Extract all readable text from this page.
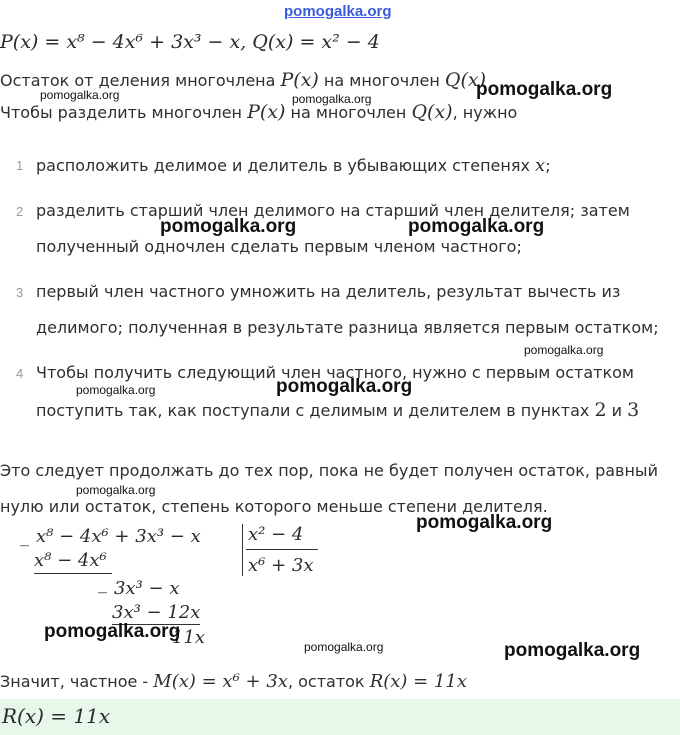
pomogalka.org
P(x) = x⁸ − 4x⁶ + 3x³ − x, Q(x) = x² − 4
Остаток от деления многочлена P(x) на многочлен Q(x)
Чтобы разделить многочлен P(x) на многочлен Q(x), нужно
1 расположить делимое и делитель в убывающих степенях x;
2 разделить старший член делимого на старший член делителя; затем
полученный одночлен сделать первым членом частного;
3 первый член частного умножить на делитель, результат вычесть из
делимого; полученная в результате разница является первым остатком;
4 Чтобы получить следующий член частного, нужно с первым остатком
поступить так, как поступали с делимым и делителем в пунктах 2 и 3
Это следует продолжать до тех пор, пока не будет получен остаток, равный
нулю или остаток, степень которого меньше степени делителя.
_ x⁸ − 4x⁶ + 3x³ − x	x² − 4
x⁶ + 3x
x⁸ − 4x⁶
_ 3x³ − x
3x³ − 12x
11x
Значит, частное - M(x) = x⁶ + 3x, остаток R(x) = 11x
R(x) = 11x
pomogalka.org	pomogalka.org	pomogalka.org
pomogalka.org	pomogalka.org
pomogalka.org
pomogalka.org	pomogalka.org
pomogalka.org
pomogalka.org
pomogalka.org
pomogalka.org	pomogalka.org
